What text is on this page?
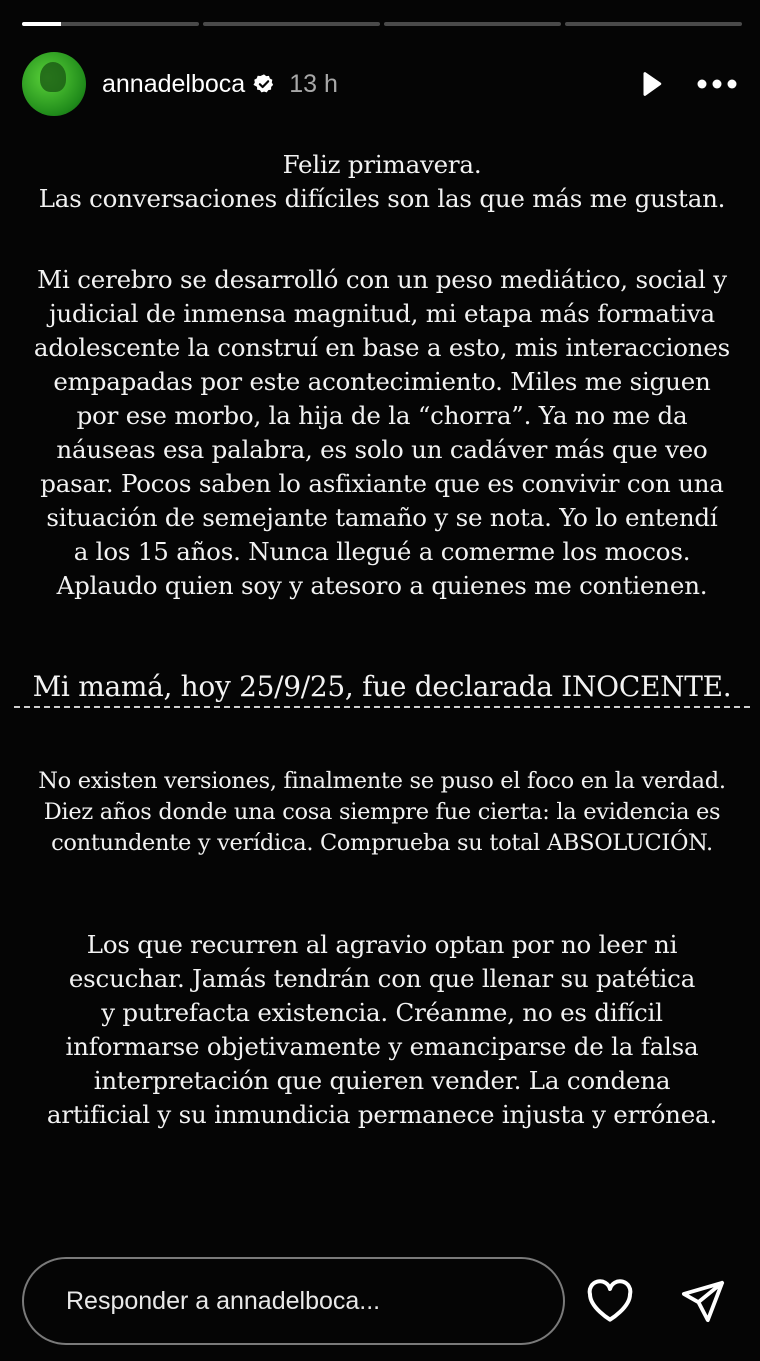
annadelboca 13 h
Feliz primavera.
Las conversaciones difíciles son las que más me gustan.
Mi cerebro se desarrolló con un peso mediático, social y
judicial de inmensa magnitud, mi etapa más formativa
adolescente la construí en base a esto, mis interacciones
empapadas por este acontecimiento. Miles me siguen
por ese morbo, la hija de la “chorra”. Ya no me da
náuseas esa palabra, es solo un cadáver más que veo
pasar. Pocos saben lo asfixiante que es convivir con una
situación de semejante tamaño y se nota. Yo lo entendí
a los 15 años. Nunca llegué a comerme los mocos.
Aplaudo quien soy y atesoro a quienes me contienen.
Mi mamá, hoy 25/9/25, fue declarada INOCENTE.
No existen versiones, finalmente se puso el foco en la verdad.
Diez años donde una cosa siempre fue cierta: la evidencia es
contundente y verídica. Comprueba su total ABSOLUCIÓN.
Los que recurren al agravio optan por no leer ni
escuchar. Jamás tendrán con que llenar su patética
y putrefacta existencia. Créanme, no es difícil
informarse objetivamente y emanciparse de la falsa
interpretación que quieren vender. La condena
artificial y su inmundicia permanece injusta y errónea.
Responder a annadelboca...
